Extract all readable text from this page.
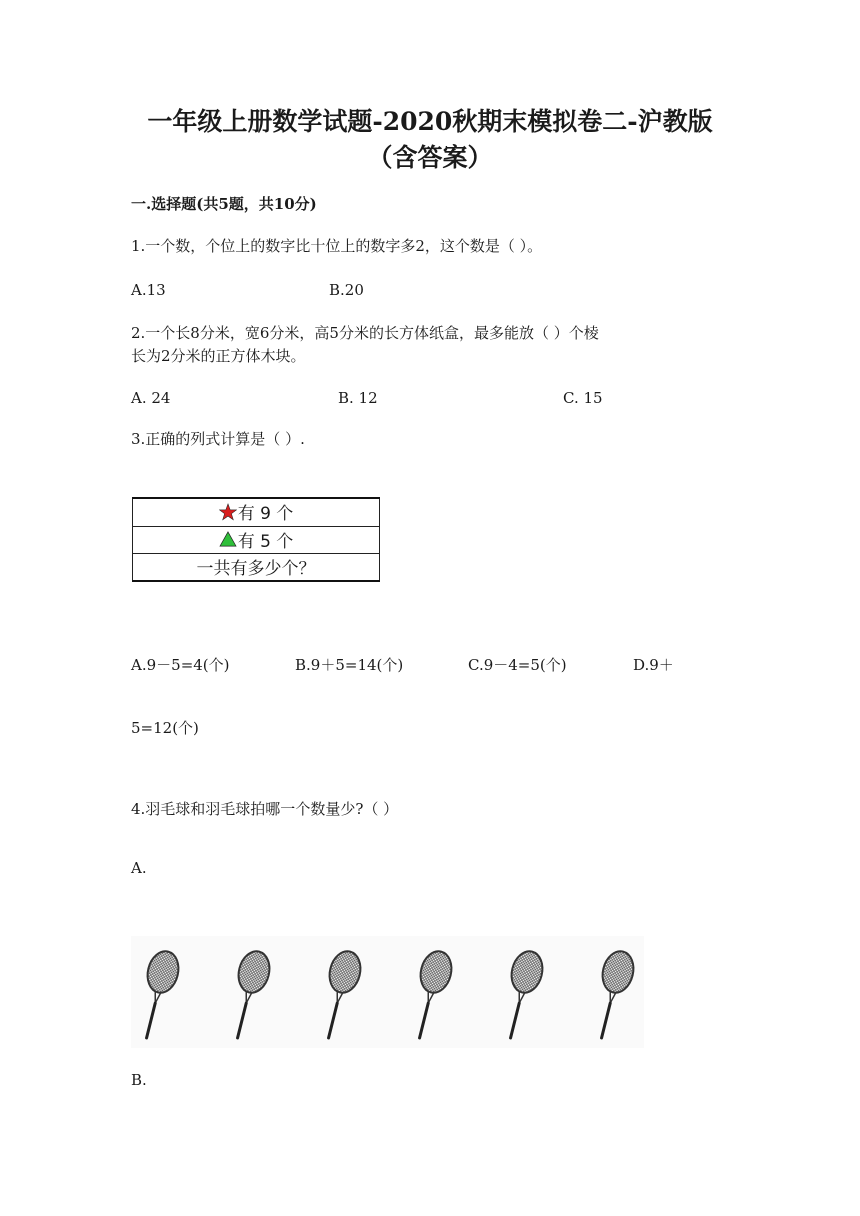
一年级上册数学试题-2020秋期末模拟卷二-沪教版
（含答案）
一.选择题(共5题，共10分)
1.一个数，个位上的数字比十位上的数字多2，这个数是（ ）。
A.13	B.20
2.一个长8分米，宽6分米，高5分米的长方体纸盒，最多能放（ ）个棱
长为2分米的正方体木块。
A. 24	B. 12	C. 15
3.正确的列式计算是（ ）.
有 9 个
有 5 个
一共有多少个？
A.9－5=4(个)	B.9＋5=14(个)	C.9－4=5(个)	D.9＋
5=12(个)
4.羽毛球和羽毛球拍哪一个数量少?（ ）
A.
B.
